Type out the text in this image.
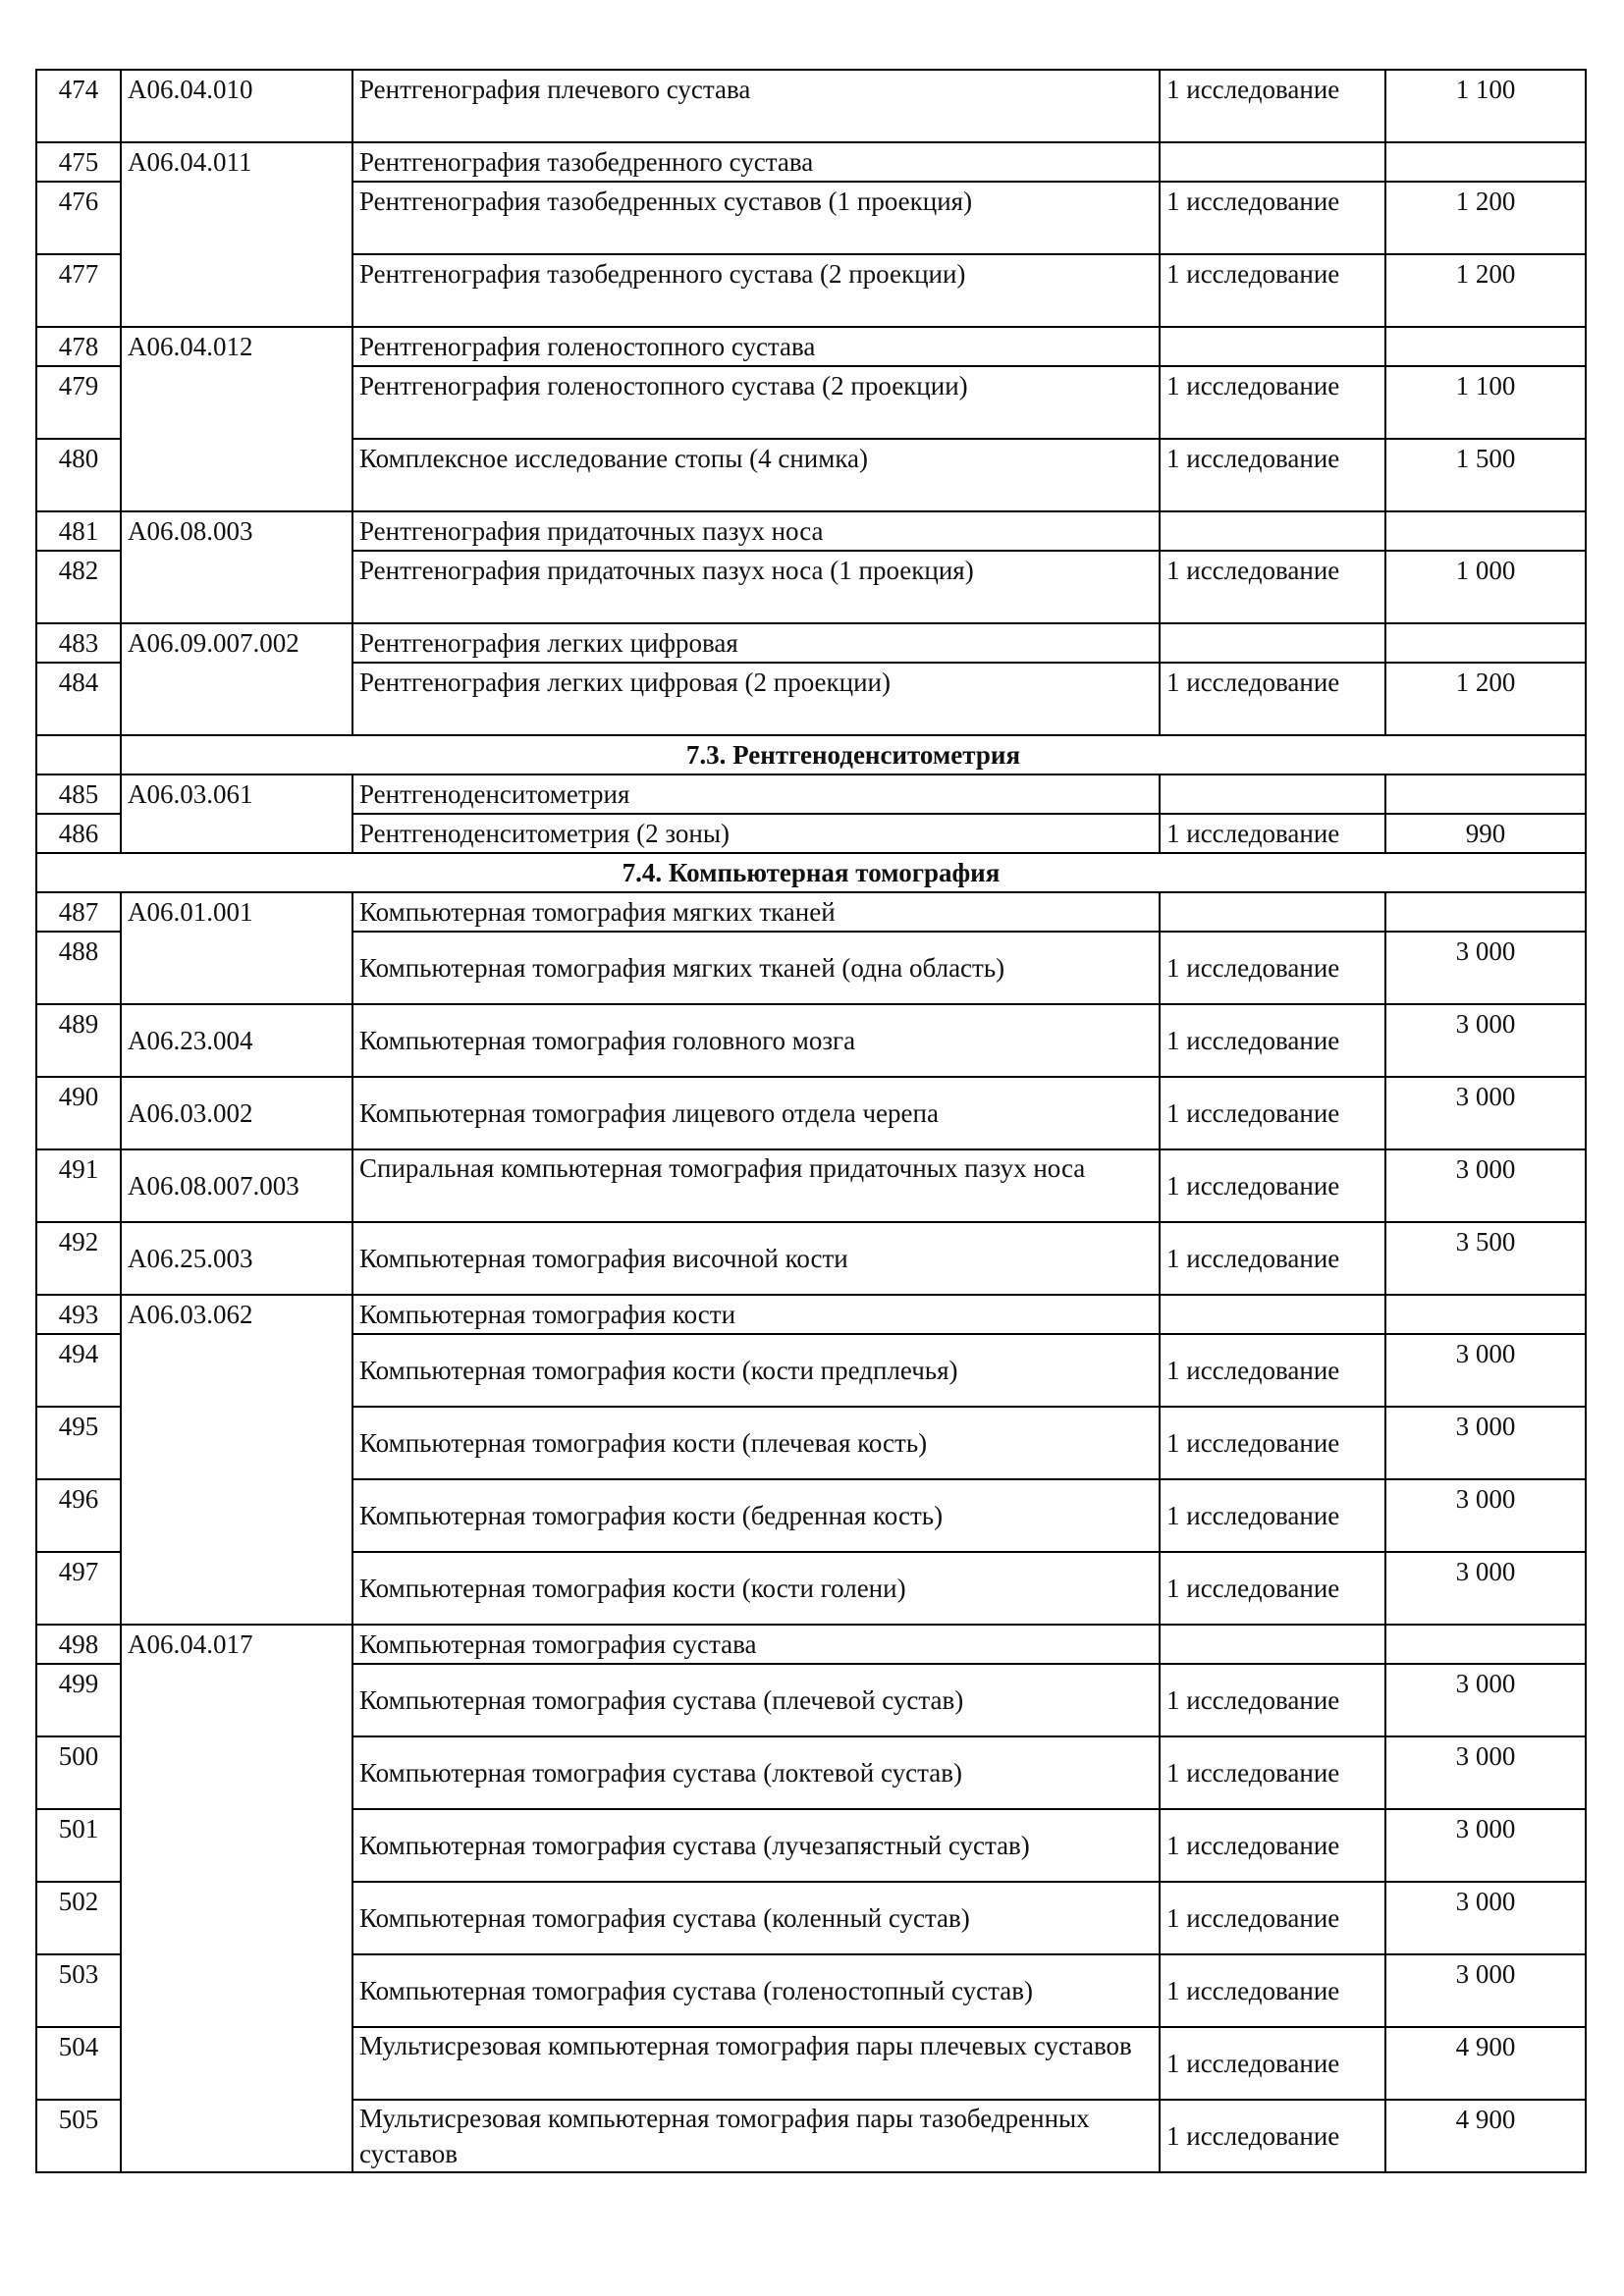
474	A06.04.010	Рентгенография плечевого сустава	1 исследование	1 100
475	A06.04.011	Рентгенография тазобедренного сустава		
476		Рентгенография тазобедренных суставов (1 проекция)	1 исследование	1 200
477		Рентгенография тазобедренного сустава (2 проекции)	1 исследование	1 200
478	A06.04.012	Рентгенография голеностопного сустава		
479		Рентгенография голеностопного сустава (2 проекции)	1 исследование	1 100
480		Комплексное исследование стопы (4 снимка)	1 исследование	1 500
481	A06.08.003	Рентгенография придаточных пазух носа		
482		Рентгенография придаточных пазух носа (1 проекция)	1 исследование	1 000
483	A06.09.007.002	Рентгенография легких цифровая		
484		Рентгенография легких цифровая (2 проекции)	1 исследование	1 200
	7.3. Рентгеноденситометрия			
485	A06.03.061	Рентгеноденситометрия		
486		Рентгеноденситометрия (2 зоны)	1 исследование	990
7.4. Компьютерная томография				
487	A06.01.001	Компьютерная томография мягких тканей		
488		Компьютерная томография мягких тканей (одна область)	1 исследование	3 000
489	A06.23.004	Компьютерная томография головного мозга	1 исследование	3 000
490	A06.03.002	Компьютерная томография лицевого отдела черепа	1 исследование	3 000
491	A06.08.007.003	Спиральная компьютерная томография придаточных пазух носа	1 исследование	3 000
492	A06.25.003	Компьютерная томография височной кости	1 исследование	3 500
493	A06.03.062	Компьютерная томография кости		
494		Компьютерная томография кости (кости предплечья)	1 исследование	3 000
495		Компьютерная томография кости (плечевая кость)	1 исследование	3 000
496		Компьютерная томография кости (бедренная кость)	1 исследование	3 000
497		Компьютерная томография кости (кости голени)	1 исследование	3 000
498	A06.04.017	Компьютерная томография сустава		
499		Компьютерная томография сустава (плечевой сустав)	1 исследование	3 000
500		Компьютерная томография сустава (локтевой сустав)	1 исследование	3 000
501		Компьютерная томография сустава (лучезапястный сустав)	1 исследование	3 000
502		Компьютерная томография сустава (коленный сустав)	1 исследование	3 000
503		Компьютерная томография сустава (голеностопный сустав)	1 исследование	3 000
504		Мультисрезовая компьютерная томография пары плечевых суставов	1 исследование	4 900
505		Мультисрезовая компьютерная томография пары тазобедренных суставов	1 исследование	4 900
